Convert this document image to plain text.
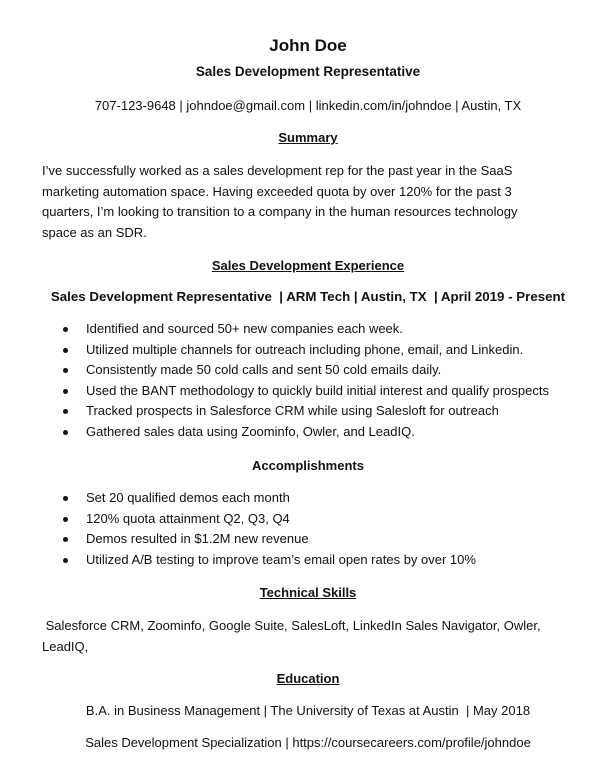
John Doe
Sales Development Representative
707-123-9648 | johndoe@gmail.com | linkedin.com/in/johndoe | Austin, TX
Summary
I’ve successfully worked as a sales development rep for the past year in the SaaS
marketing automation space. Having exceeded quota by over 120% for the past 3
quarters, I’m looking to transition to a company in the human resources technology
space as an SDR.
Sales Development Experience
Sales Development Representative  | ARM Tech | Austin, TX  | April 2019 - Present
Identified and sourced 50+ new companies each week.
Utilized multiple channels for outreach including phone, email, and Linkedin.
Consistently made 50 cold calls and sent 50 cold emails daily.
Used the BANT methodology to quickly build initial interest and qualify prospects
Tracked prospects in Salesforce CRM while using Salesloft for outreach
Gathered sales data using Zoominfo, Owler, and LeadIQ.
Accomplishments
Set 20 qualified demos each month
120% quota attainment Q2, Q3, Q4
Demos resulted in $1.2M new revenue
Utilized A/B testing to improve team’s email open rates by over 10%
Technical Skills
Salesforce CRM, Zoominfo, Google Suite, SalesLoft, LinkedIn Sales Navigator, Owler,
LeadIQ,
Education
B.A. in Business Management | The University of Texas at Austin  | May 2018
Sales Development Specialization | https://coursecareers.com/profile/johndoe
